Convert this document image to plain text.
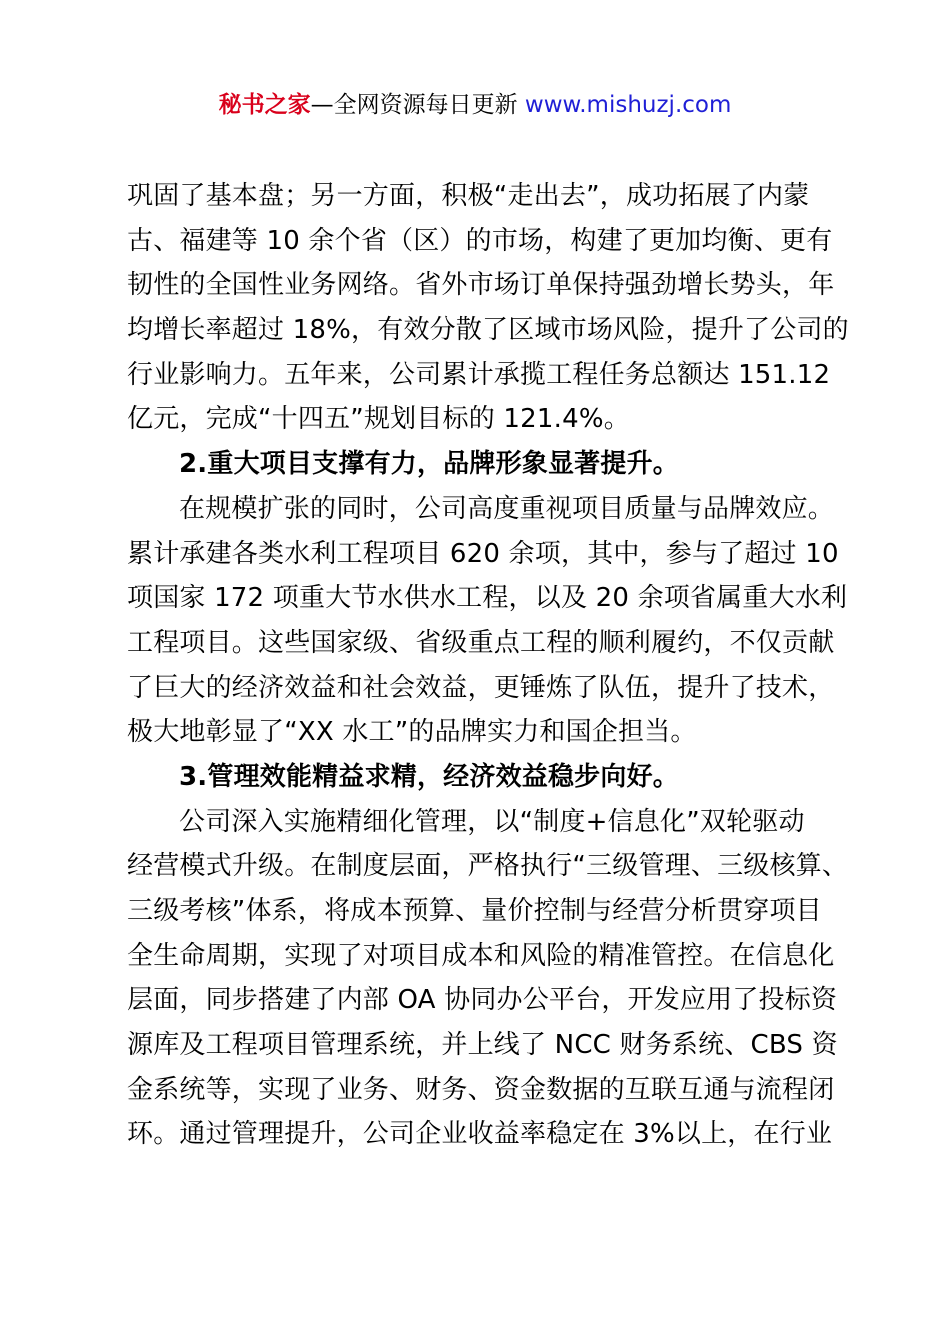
秘书之家—全网资源每日更新 www.mishuzj.com
巩固了基本盘；另一方面，积极“走出去”，成功拓展了内蒙
古、福建等 10 余个省（区）的市场，构建了更加均衡、更有
韧性的全国性业务网络。省外市场订单保持强劲增长势头，年
均增长率超过 18%，有效分散了区域市场风险，提升了公司的
行业影响力。五年来，公司累计承揽工程任务总额达 151.12
亿元，完成“十四五”规划目标的 121.4%。
2.重大项目支撑有力，品牌形象显著提升。
在规模扩张的同时，公司高度重视项目质量与品牌效应。
累计承建各类水利工程项目 620 余项，其中，参与了超过 10
项国家 172 项重大节水供水工程，以及 20 余项省属重大水利
工程项目。这些国家级、省级重点工程的顺利履约，不仅贡献
了巨大的经济效益和社会效益，更锤炼了队伍，提升了技术，
极大地彰显了“XX 水工”的品牌实力和国企担当。
3.管理效能精益求精，经济效益稳步向好。
公司深入实施精细化管理，以“制度+信息化”双轮驱动
经营模式升级。在制度层面，严格执行“三级管理、三级核算、
三级考核”体系，将成本预算、量价控制与经营分析贯穿项目
全生命周期，实现了对项目成本和风险的精准管控。在信息化
层面，同步搭建了内部 OA 协同办公平台，开发应用了投标资
源库及工程项目管理系统，并上线了 NCC 财务系统、CBS 资
金系统等，实现了业务、财务、资金数据的互联互通与流程闭
环。通过管理提升，公司企业收益率稳定在 3%以上，在行业
